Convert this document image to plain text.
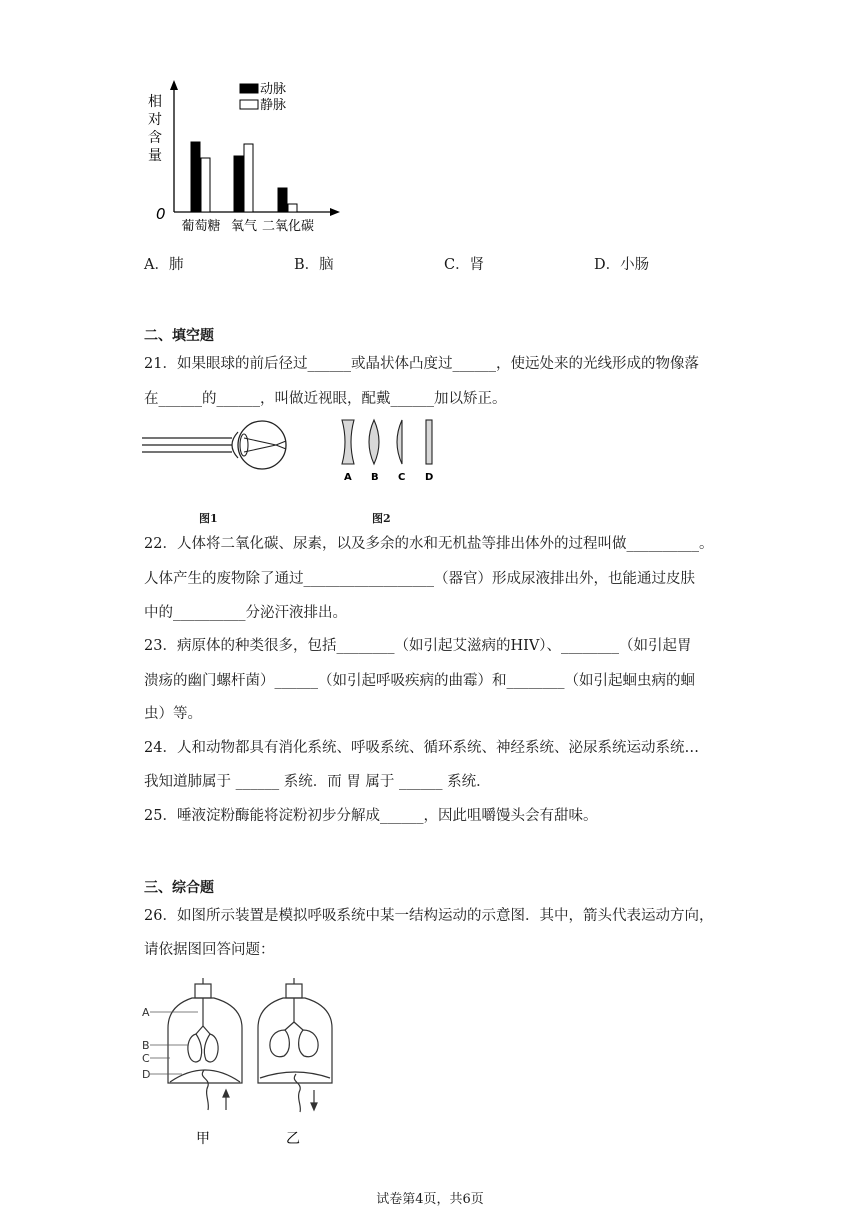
相
对
含
量
0
葡萄糖 氧气 二氧化碳
动脉
静脉
A．肺	B．脑	C．肾	D．小肠
二、填空题
21．如果眼球的前后径过______或晶状体凸度过______，使远处来的光线形成的物像落
在______的______，叫做近视眼，配戴______加以矫正。
图1
A B C D
图2
22．人体将二氧化碳、尿素，以及多余的水和无机盐等排出体外的过程叫做__________。
人体产生的废物除了通过__________________（器官）形成尿液排出外，也能通过皮肤
中的__________分泌汗液排出。
23．病原体的种类很多，包括________（如引起艾滋病的HIV）、________（如引起胃
溃疡的幽门螺杆菌）______（如引起呼吸疾病的曲霉）和________（如引起蛔虫病的蛔
虫）等。
24．人和动物都具有消化系统、呼吸系统、循环系统、神经系统、泌尿系统运动系统…
我知道肺属于 ______ 系统．而 胃 属于 ______ 系统．
25．唾液淀粉酶能将淀粉初步分解成______，因此咀嚼馒头会有甜味。
三、综合题
26．如图所示装置是模拟呼吸系统中某一结构运动的示意图．其中，箭头代表运动方向，
请依据图回答问题：
A
B
C
D
甲	乙
试卷第4页，共6页
